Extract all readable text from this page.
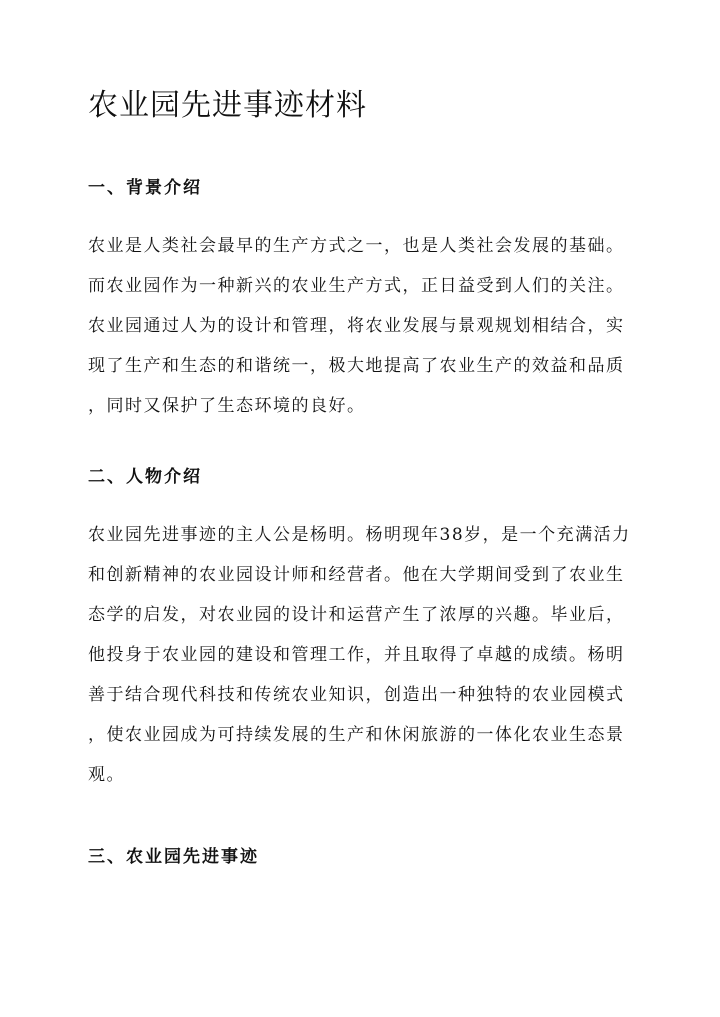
农业园先进事迹材料
一、背景介绍
农业是人类社会最早的生产方式之一，也是人类社会发展的基础。
而农业园作为一种新兴的农业生产方式，正日益受到人们的关注。
农业园通过人为的设计和管理，将农业发展与景观规划相结合，实
现了生产和生态的和谐统一，极大地提高了农业生产的效益和品质
，同时又保护了生态环境的良好。
二、人物介绍
农业园先进事迹的主人公是杨明。杨明现年38岁，是一个充满活力
和创新精神的农业园设计师和经营者。他在大学期间受到了农业生
态学的启发，对农业园的设计和运营产生了浓厚的兴趣。毕业后，
他投身于农业园的建设和管理工作，并且取得了卓越的成绩。杨明
善于结合现代科技和传统农业知识，创造出一种独特的农业园模式
，使农业园成为可持续发展的生产和休闲旅游的一体化农业生态景
观。
三、农业园先进事迹
